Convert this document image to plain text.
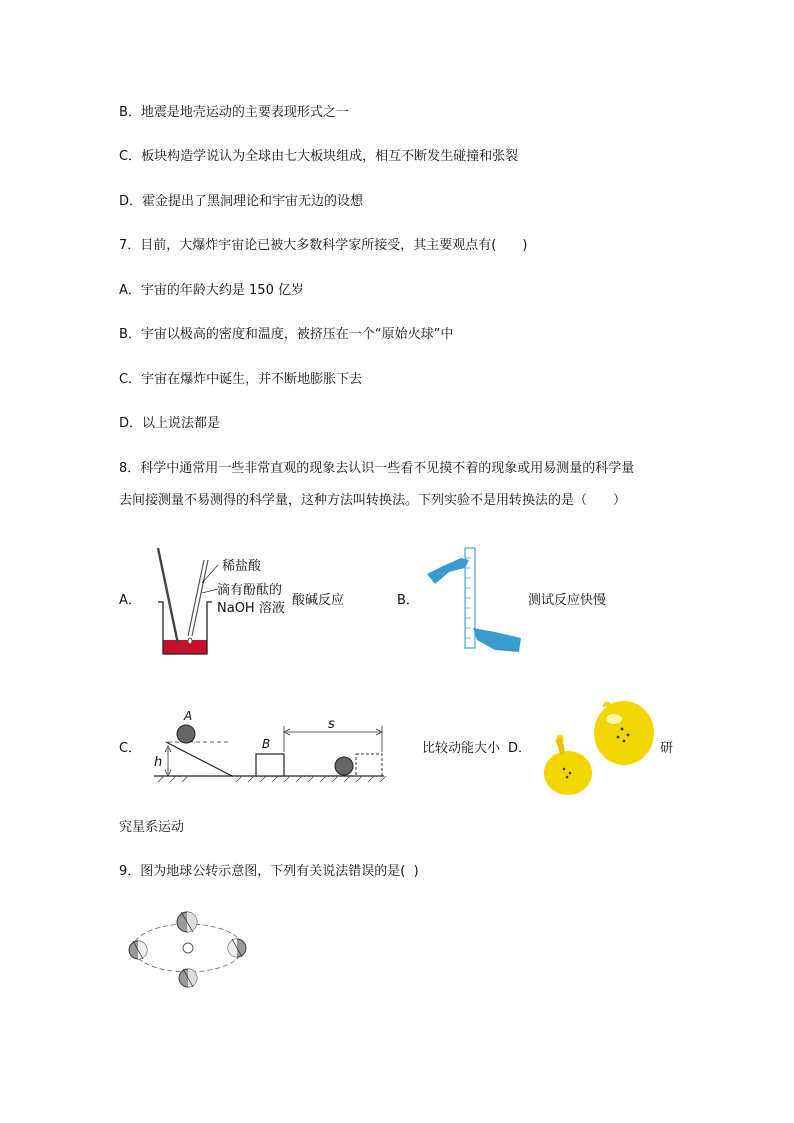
B．地震是地壳运动的主要表现形式之一
C．板块构造学说认为全球由七大板块组成，相互不断发生碰撞和张裂
D．霍金提出了黑洞理论和宇宙无边的设想
7．目前，大爆炸宇宙论已被大多数科学家所接受，其主要观点有(　　)
A．宇宙的年龄大约是 150 亿岁
B．宇宙以极高的密度和温度，被挤压在一个“原始火球”中
C．宇宙在爆炸中诞生，并不断地膨胀下去
D．以上说法都是
8．科学中通常用一些非常直观的现象去认识一些看不见摸不着的现象或用易测量的科学量
去间接测量不易测得的科学量，这种方法叫转换法。下列实验不是用转换法的是（　　）
A．
稀盐酸
滴有酚酞的
NaOH 溶液
酸碱反应	B．	测试反应快慢
C．
A
B
s
h
比较动能大小 D．	研
究星系运动
9．图为地球公转示意图，下列有关说法错误的是(  )
